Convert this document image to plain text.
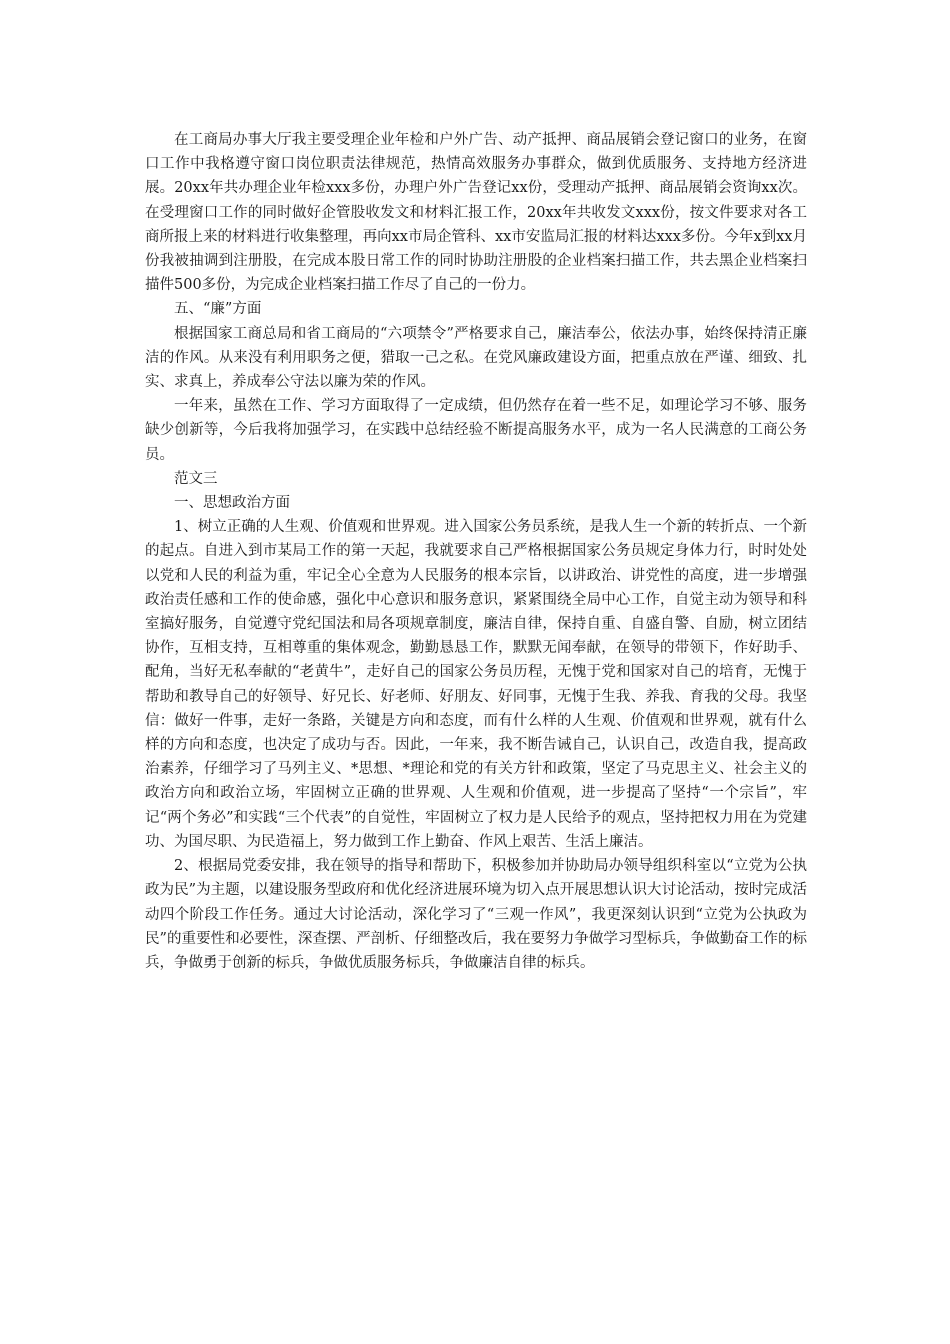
在工商局办事大厅我主要受理企业年检和户外广告、动产抵押、商品展销会登记窗口的业务，在窗口工作中我格遵守窗口岗位职责法律规范，热情高效服务办事群众，做到优质服务、支持地方经济进展。20xx年共办理企业年检xxx多份，办理户外广告登记xx份，受理动产抵押、商品展销会资询xx次。在受理窗口工作的同时做好企管股收发文和材料汇报工作，20xx年共收发文xxx份，按文件要求对各工商所报上来的材料进行收集整理，再向xx市局企管科、xx市安监局汇报的材料达xxx多份。今年x到xx月份我被抽调到注册股，在完成本股日常工作的同时协助注册股的企业档案扫描工作，共去黑企业档案扫描件500多份，为完成企业档案扫描工作尽了自己的一份力。

五、“廉”方面

根据国家工商总局和省工商局的“六项禁令”严格要求自己，廉洁奉公，依法办事，始终保持清正廉洁的作风。从来没有利用职务之便，猎取一己之私。在党风廉政建设方面，把重点放在严谨、细致、扎实、求真上，养成奉公守法以廉为荣的作风。

一年来，虽然在工作、学习方面取得了一定成绩，但仍然存在着一些不足，如理论学习不够、服务缺少创新等，今后我将加强学习，在实践中总结经验不断提高服务水平，成为一名人民满意的工商公务员。

范文三

一、思想政治方面

1、树立正确的人生观、价值观和世界观。进入国家公务员系统，是我人生一个新的转折点、一个新的起点。自进入到市某局工作的第一天起，我就要求自己严格根据国家公务员规定身体力行，时时处处以党和人民的利益为重，牢记全心全意为人民服务的根本宗旨，以讲政治、讲党性的高度，进一步增强政治责任感和工作的使命感，强化中心意识和服务意识，紧紧围绕全局中心工作，自觉主动为领导和科室搞好服务，自觉遵守党纪国法和局各项规章制度，廉洁自律，保持自重、自盛自警、自励，树立团结协作，互相支持，互相尊重的集体观念，勤勤恳恳工作，默默无闻奉献，在领导的带领下，作好助手、配角，当好无私奉献的“老黄牛”，走好自己的国家公务员历程，无愧于党和国家对自己的培育，无愧于帮助和教导自己的好领导、好兄长、好老师、好朋友、好同事，无愧于生我、养我、育我的父母。我坚信：做好一件事，走好一条路，关键是方向和态度，而有什么样的人生观、价值观和世界观，就有什么样的方向和态度，也决定了成功与否。因此，一年来，我不断告诫自己，认识自己，改造自我，提高政治素养，仔细学习了马列主义、*思想、*理论和党的有关方针和政策，坚定了马克思主义、社会主义的政治方向和政治立场，牢固树立正确的世界观、人生观和价值观，进一步提高了坚持“一个宗旨”，牢记“两个务必”和实践“三个代表”的自觉性，牢固树立了权力是人民给予的观点，坚持把权力用在为党建功、为国尽职、为民造福上，努力做到工作上勤奋、作风上艰苦、生活上廉洁。

2、根据局党委安排，我在领导的指导和帮助下，积极参加并协助局办领导组织科室以“立党为公执政为民”为主题，以建设服务型政府和优化经济进展环境为切入点开展思想认识大讨论活动，按时完成活动四个阶段工作任务。通过大讨论活动，深化学习了“三观一作风”，我更深刻认识到“立党为公执政为民”的重要性和必要性，深查摆、严剖析、仔细整改后，我在要努力争做学习型标兵，争做勤奋工作的标兵，争做勇于创新的标兵，争做优质服务标兵，争做廉洁自律的标兵。
